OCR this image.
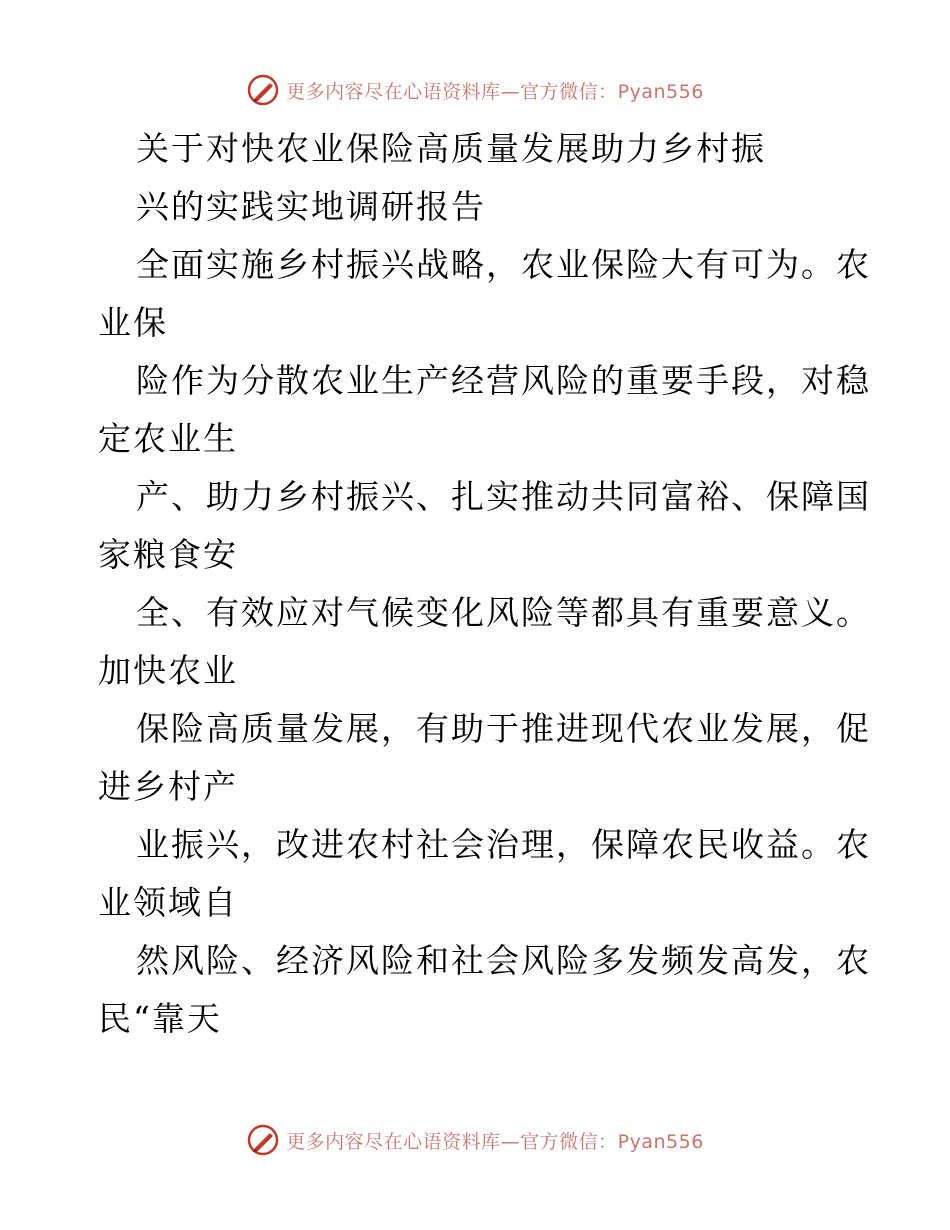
更多内容尽在心语资料库—官方微信：Pyan556
关于对快农业保险高质量发展助力乡村振
兴的实践实地调研报告
全面实施乡村振兴战略，农业保险大有可为。农
业保
险作为分散农业生产经营风险的重要手段，对稳
定农业生
产、助力乡村振兴、扎实推动共同富裕、保障国
家粮食安
全、有效应对气候变化风险等都具有重要意义。
加快农业
保险高质量发展，有助于推进现代农业发展，促
进乡村产
业振兴，改进农村社会治理，保障农民收益。农
业领域自
然风险、经济风险和社会风险多发频发高发，农
民“靠天
更多内容尽在心语资料库—官方微信：Pyan556
